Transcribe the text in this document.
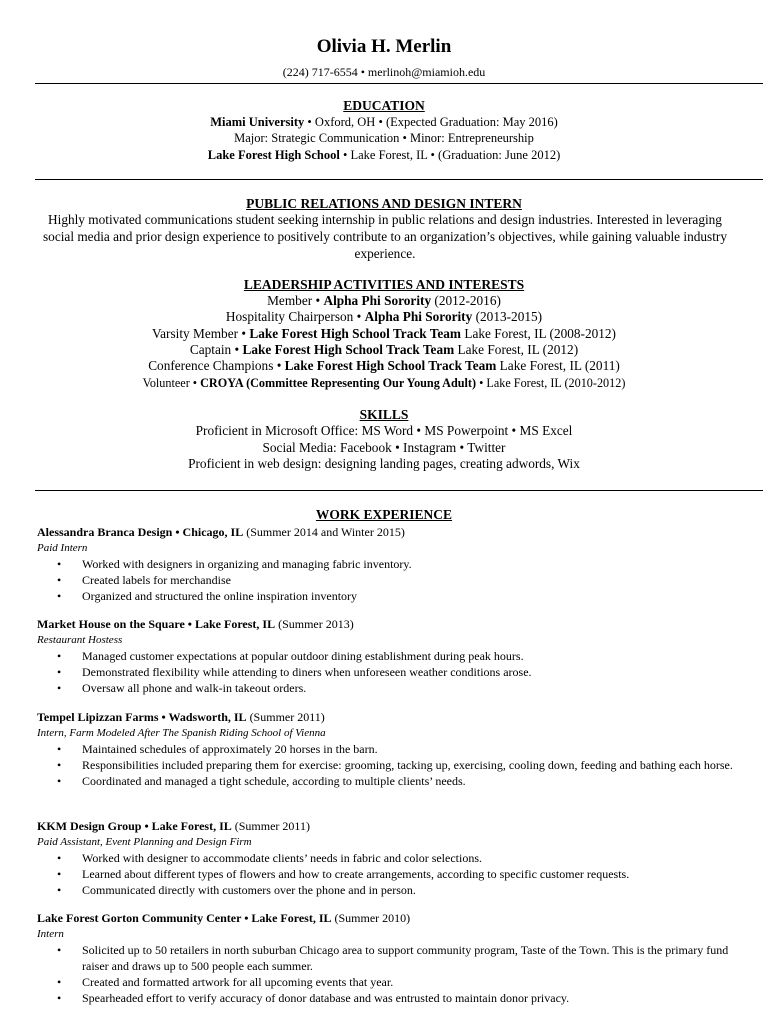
Olivia H. Merlin
(224) 717-6554 • merlinoh@miamioh.edu
EDUCATION
Miami University • Oxford, OH • (Expected Graduation: May 2016)
Major: Strategic Communication • Minor: Entrepreneurship
Lake Forest High School • Lake Forest, IL • (Graduation: June 2012)
PUBLIC RELATIONS AND DESIGN INTERN
Highly motivated communications student seeking internship in public relations and design industries. Interested in leveraging social media and prior design experience to positively contribute to an organization’s objectives, while gaining valuable industry experience.
LEADERSHIP ACTIVITIES AND INTERESTS
Member • Alpha Phi Sorority (2012-2016)
Hospitality Chairperson • Alpha Phi Sorority (2013-2015)
Varsity Member • Lake Forest High School Track Team Lake Forest, IL (2008-2012)
Captain • Lake Forest High School Track Team Lake Forest, IL (2012)
Conference Champions • Lake Forest High School Track Team Lake Forest, IL (2011)
Volunteer • CROYA (Committee Representing Our Young Adult) • Lake Forest, IL (2010-2012)
SKILLS
Proficient in Microsoft Office: MS Word • MS Powerpoint • MS Excel
Social Media: Facebook • Instagram • Twitter
Proficient in web design: designing landing pages, creating adwords, Wix
WORK EXPERIENCE
Alessandra Branca Design • Chicago, IL (Summer 2014 and Winter 2015)
Paid Intern
• Worked with designers in organizing and managing fabric inventory.
• Created labels for merchandise
• Organized and structured the online inspiration inventory
Market House on the Square • Lake Forest, IL (Summer 2013)
Restaurant Hostess
• Managed customer expectations at popular outdoor dining establishment during peak hours.
• Demonstrated flexibility while attending to diners when unforeseen weather conditions arose.
• Oversaw all phone and walk-in takeout orders.
Tempel Lipizzan Farms • Wadsworth, IL (Summer 2011)
Intern, Farm Modeled After The Spanish Riding School of Vienna
• Maintained schedules of approximately 20 horses in the barn.
• Responsibilities included preparing them for exercise: grooming, tacking up, exercising, cooling down, feeding and bathing each horse.
• Coordinated and managed a tight schedule, according to multiple clients’ needs.
KKM Design Group • Lake Forest, IL (Summer 2011)
Paid Assistant, Event Planning and Design Firm
• Worked with designer to accommodate clients’ needs in fabric and color selections.
• Learned about different types of flowers and how to create arrangements, according to specific customer requests.
• Communicated directly with customers over the phone and in person.
Lake Forest Gorton Community Center • Lake Forest, IL (Summer 2010)
Intern
• Solicited up to 50 retailers in north suburban Chicago area to support community program, Taste of the Town. This is the primary fund raiser and draws up to 500 people each summer.
• Created and formatted artwork for all upcoming events that year.
• Spearheaded effort to verify accuracy of donor database and was entrusted to maintain donor privacy.
